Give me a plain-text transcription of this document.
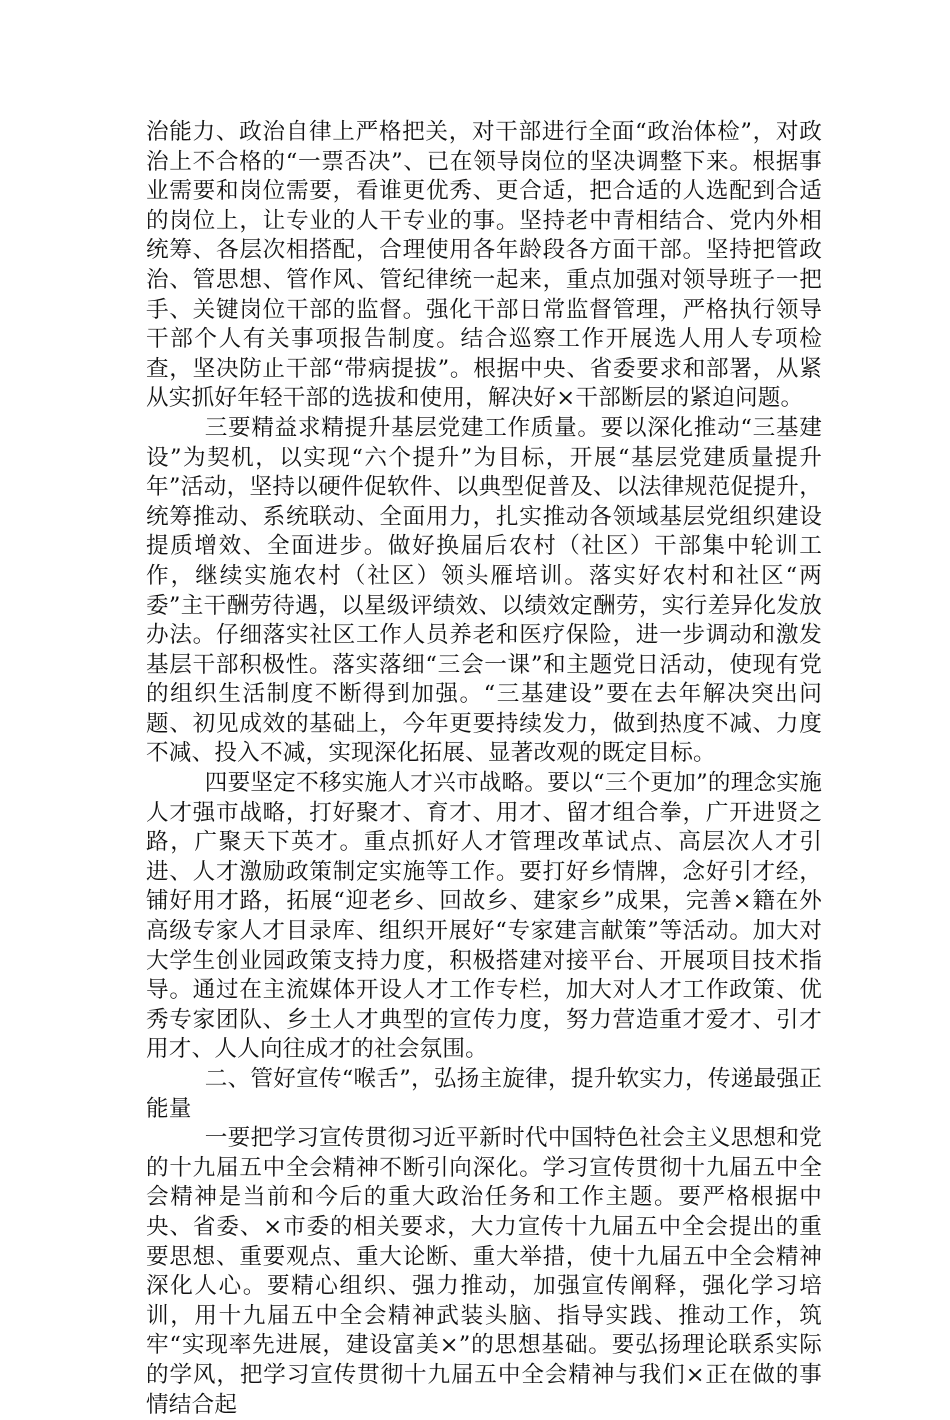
治能力、政治自律上严格把关，对干部进行全面“政治体检”，对政治上不合格的“一票否决”、已在领导岗位的坚决调整下来。根据事业需要和岗位需要，看谁更优秀、更合适，把合适的人选配到合适的岗位上，让专业的人干专业的事。坚持老中青相结合、党内外相统筹、各层次相搭配，合理使用各年龄段各方面干部。坚持把管政治、管思想、管作风、管纪律统一起来，重点加强对领导班子一把手、关键岗位干部的监督。强化干部日常监督管理，严格执行领导干部个人有关事项报告制度。结合巡察工作开展选人用人专项检查，坚决防止干部“带病提拔”。根据中央、省委要求和部署，从紧从实抓好年轻干部的选拔和使用，解决好×干部断层的紧迫问题。

三要精益求精提升基层党建工作质量。要以深化推动“三基建设”为契机，以实现“六个提升”为目标，开展“基层党建质量提升年”活动，坚持以硬件促软件、以典型促普及、以法律规范促提升，统筹推动、系统联动、全面用力，扎实推动各领域基层党组织建设提质增效、全面进步。做好换届后农村（社区）干部集中轮训工作，继续实施农村（社区）领头雁培训。落实好农村和社区“两委”主干酬劳待遇，以星级评绩效、以绩效定酬劳，实行差异化发放办法。仔细落实社区工作人员养老和医疗保险，进一步调动和激发基层干部积极性。落实落细“三会一课”和主题党日活动，使现有党的组织生活制度不断得到加强。“三基建设”要在去年解决突出问题、初见成效的基础上，今年更要持续发力，做到热度不减、力度不减、投入不减，实现深化拓展、显著改观的既定目标。

四要坚定不移实施人才兴市战略。要以“三个更加”的理念实施人才强市战略，打好聚才、育才、用才、留才组合拳，广开进贤之路，广聚天下英才。重点抓好人才管理改革试点、高层次人才引进、人才激励政策制定实施等工作。要打好乡情牌，念好引才经，铺好用才路，拓展“迎老乡、回故乡、建家乡”成果，完善×籍在外高级专家人才目录库、组织开展好“专家建言献策”等活动。加大对大学生创业园政策支持力度，积极搭建对接平台、开展项目技术指导。通过在主流媒体开设人才工作专栏，加大对人才工作政策、优秀专家团队、乡土人才典型的宣传力度，努力营造重才爱才、引才用才、人人向往成才的社会氛围。

二、管好宣传“喉舌”，弘扬主旋律，提升软实力，传递最强正能量

一要把学习宣传贯彻习近平新时代中国特色社会主义思想和党的十九届五中全会精神不断引向深化。学习宣传贯彻十九届五中全会精神是当前和今后的重大政治任务和工作主题。要严格根据中央、省委、×市委的相关要求，大力宣传十九届五中全会提出的重要思想、重要观点、重大论断、重大举措，使十九届五中全会精神深化人心。要精心组织、强力推动，加强宣传阐释，强化学习培训，用十九届五中全会精神武装头脑、指导实践、推动工作，筑牢“实现率先进展，建设富美×”的思想基础。要弘扬理论联系实际的学风，把学习宣传贯彻十九届五中全会精神与我们×正在做的事情结合起
